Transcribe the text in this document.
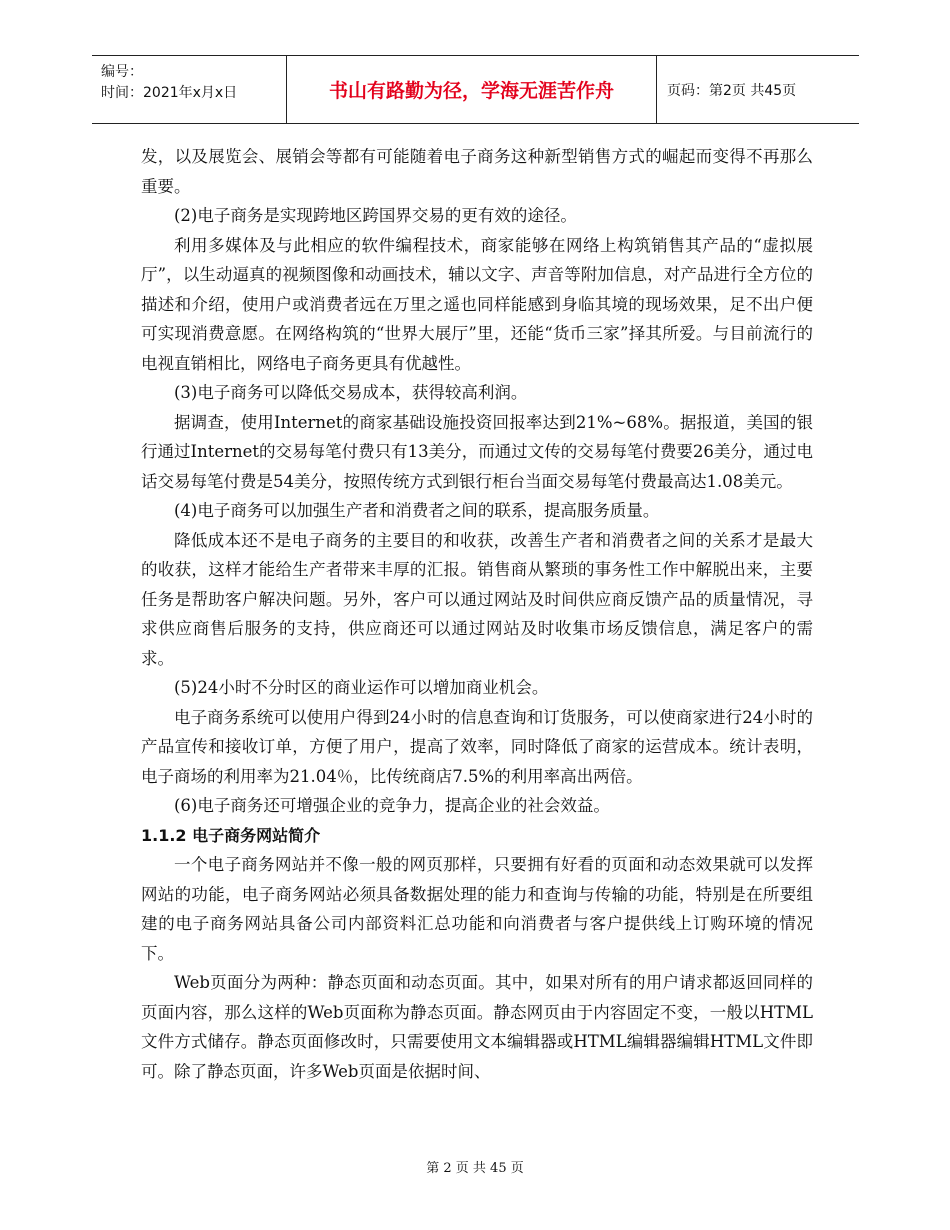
编号：
时间：2021年x月x日	书山有路勤为径，学海无涯苦作舟	页码：第2页 共45页

发，以及展览会、展销会等都有可能随着电子商务这种新型销售方式的崛起而变得不再那么重要。

(2)电子商务是实现跨地区跨国界交易的更有效的途径。

利用多媒体及与此相应的软件编程技术，商家能够在网络上构筑销售其产品的“虚拟展厅”，以生动逼真的视频图像和动画技术，辅以文字、声音等附加信息，对产品进行全方位的描述和介绍，使用户或消费者远在万里之遥也同样能感到身临其境的现场效果，足不出户便可实现消费意愿。在网络构筑的“世界大展厅”里，还能“货币三家”择其所爱。与目前流行的电视直销相比，网络电子商务更具有优越性。

(3)电子商务可以降低交易成本，获得较高利润。

据调查，使用Internet的商家基础设施投资回报率达到21%~68%。据报道，美国的银行通过Internet的交易每笔付费只有13美分，而通过文传的交易每笔付费要26美分，通过电话交易每笔付费是54美分，按照传统方式到银行柜台当面交易每笔付费最高达1.08美元。

(4)电子商务可以加强生产者和消费者之间的联系，提高服务质量。

降低成本还不是电子商务的主要目的和收获，改善生产者和消费者之间的关系才是最大的收获，这样才能给生产者带来丰厚的汇报。销售商从繁琐的事务性工作中解脱出来，主要任务是帮助客户解决问题。另外，客户可以通过网站及时间供应商反馈产品的质量情况，寻求供应商售后服务的支持，供应商还可以通过网站及时收集市场反馈信息，满足客户的需求。

(5)24小时不分时区的商业运作可以增加商业机会。

电子商务系统可以使用户得到24小时的信息查询和订货服务，可以使商家进行24小时的产品宣传和接收订单，方便了用户，提高了效率，同时降低了商家的运营成本。统计表明，电子商场的利用率为21.04％，比传统商店7.5%的利用率高出两倍。

(6)电子商务还可增强企业的竞争力，提高企业的社会效益。

1.1.2 电子商务网站简介

一个电子商务网站并不像一般的网页那样，只要拥有好看的页面和动态效果就可以发挥网站的功能，电子商务网站必须具备数据处理的能力和查询与传输的功能，特别是在所要组建的电子商务网站具备公司内部资料汇总功能和向消费者与客户提供线上订购环境的情况下。

Web页面分为两种：静态页面和动态页面。其中，如果对所有的用户请求都返回同样的页面内容，那么这样的Web页面称为静态页面。静态网页由于内容固定不变，一般以HTML文件方式储存。静态页面修改时，只需要使用文本编辑器或HTML编辑器编辑HTML文件即可。除了静态页面，许多Web页面是依据时间、

第 2 页 共 45 页
